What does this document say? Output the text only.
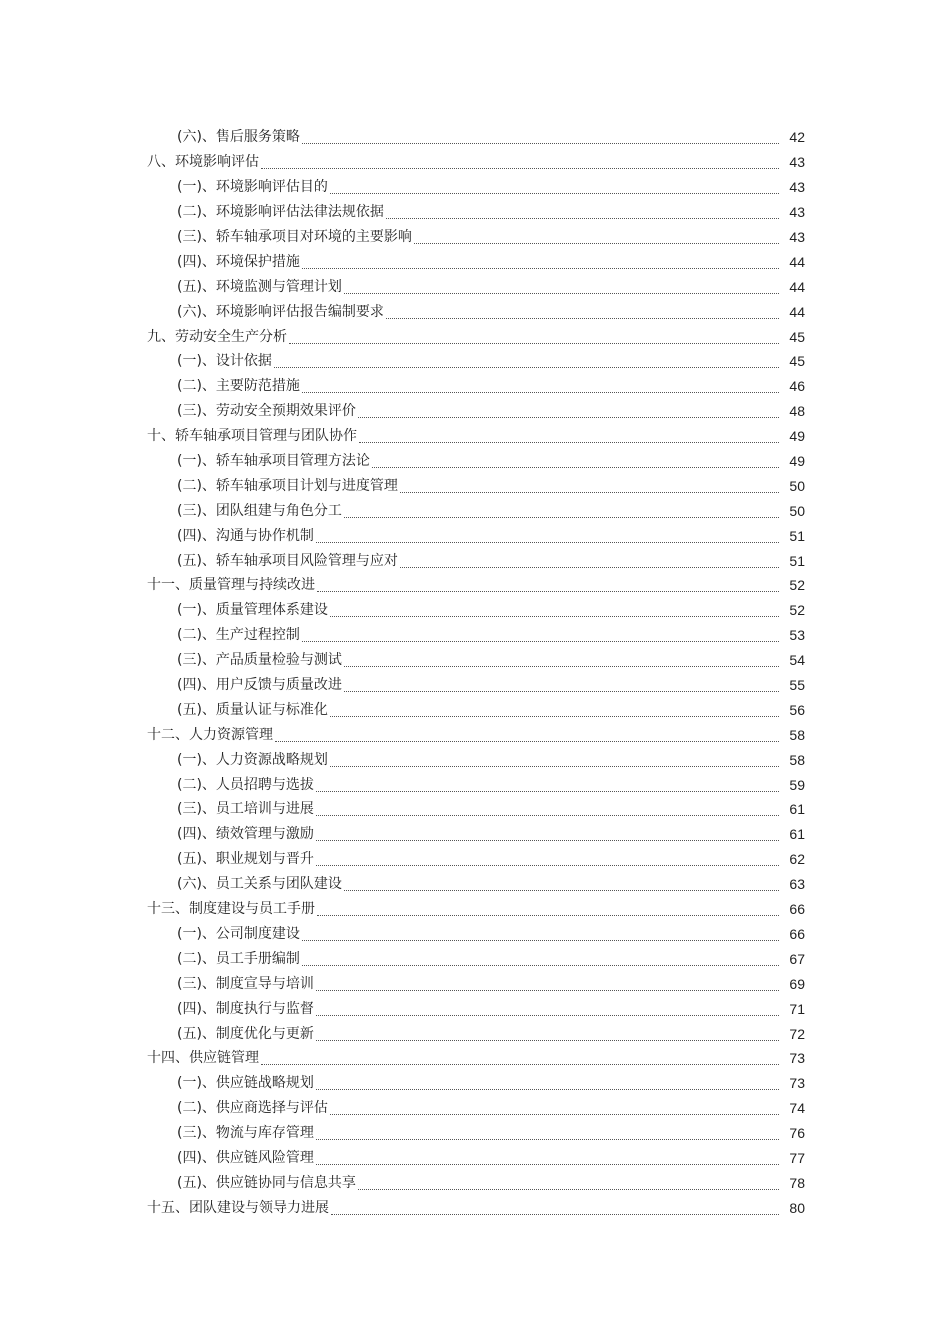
(六)、售后服务策略	42
八、环境影响评估	43
(一)、环境影响评估目的	43
(二)、环境影响评估法律法规依据	43
(三)、轿车轴承项目对环境的主要影响	43
(四)、环境保护措施	44
(五)、环境监测与管理计划	44
(六)、环境影响评估报告编制要求	44
九、劳动安全生产分析	45
(一)、设计依据	45
(二)、主要防范措施	46
(三)、劳动安全预期效果评价	48
十、轿车轴承项目管理与团队协作	49
(一)、轿车轴承项目管理方法论	49
(二)、轿车轴承项目计划与进度管理	50
(三)、团队组建与角色分工	50
(四)、沟通与协作机制	51
(五)、轿车轴承项目风险管理与应对	51
十一、质量管理与持续改进	52
(一)、质量管理体系建设	52
(二)、生产过程控制	53
(三)、产品质量检验与测试	54
(四)、用户反馈与质量改进	55
(五)、质量认证与标准化	56
十二、人力资源管理	58
(一)、人力资源战略规划	58
(二)、人员招聘与选拔	59
(三)、员工培训与进展	61
(四)、绩效管理与激励	61
(五)、职业规划与晋升	62
(六)、员工关系与团队建设	63
十三、制度建设与员工手册	66
(一)、公司制度建设	66
(二)、员工手册编制	67
(三)、制度宣导与培训	69
(四)、制度执行与监督	71
(五)、制度优化与更新	72
十四、供应链管理	73
(一)、供应链战略规划	73
(二)、供应商选择与评估	74
(三)、物流与库存管理	76
(四)、供应链风险管理	77
(五)、供应链协同与信息共享	78
十五、团队建设与领导力进展	80
